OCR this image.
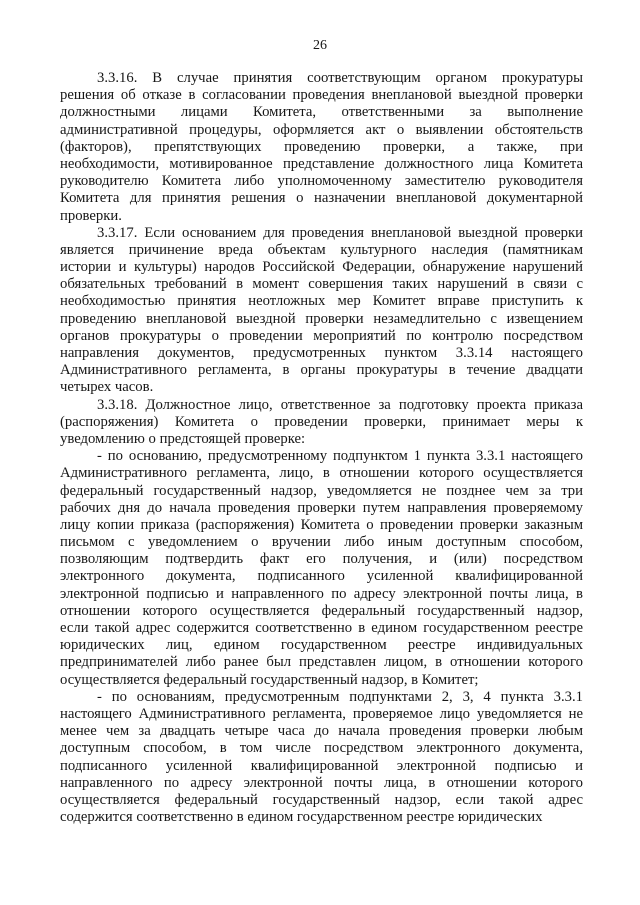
26
3.3.16. В случае принятия соответствующим органом прокуратуры
решения об отказе в согласовании проведения внеплановой выездной проверки
должностными лицами Комитета, ответственными за выполнение
административной процедуры, оформляется акт о выявлении обстоятельств
(факторов), препятствующих проведению проверки, а также, при
необходимости, мотивированное представление должностного лица Комитета
руководителю Комитета либо уполномоченному заместителю руководителя
Комитета для принятия решения о назначении внеплановой документарной
проверки.
3.3.17. Если основанием для проведения внеплановой выездной проверки
является причинение вреда объектам культурного наследия (памятникам
истории и культуры) народов Российской Федерации, обнаружение нарушений
обязательных требований в момент совершения таких нарушений в связи с
необходимостью принятия неотложных мер Комитет вправе приступить к
проведению внеплановой выездной проверки незамедлительно с извещением
органов прокуратуры о проведении мероприятий по контролю посредством
направления документов, предусмотренных пунктом 3.3.14 настоящего
Административного регламента, в органы прокуратуры в течение двадцати
четырех часов.
3.3.18. Должностное лицо, ответственное за подготовку проекта приказа
(распоряжения) Комитета о проведении проверки, принимает меры к
уведомлению о предстоящей проверке:
- по основанию, предусмотренному подпунктом 1 пункта 3.3.1 настоящего
Административного регламента, лицо, в отношении которого осуществляется
федеральный государственный надзор, уведомляется не позднее чем за три
рабочих дня до начала проведения проверки путем направления проверяемому
лицу копии приказа (распоряжения) Комитета о проведении проверки заказным
письмом с уведомлением о вручении либо иным доступным способом,
позволяющим подтвердить факт его получения, и (или) посредством
электронного документа, подписанного усиленной квалифицированной
электронной подписью и направленного по адресу электронной почты лица, в
отношении которого осуществляется федеральный государственный надзор,
если такой адрес содержится соответственно в едином государственном реестре
юридических лиц, едином государственном реестре индивидуальных
предпринимателей либо ранее был представлен лицом, в отношении которого
осуществляется федеральный государственный надзор, в Комитет;
- по основаниям, предусмотренным подпунктами 2, 3, 4 пункта 3.3.1
настоящего Административного регламента, проверяемое лицо уведомляется не
менее чем за двадцать четыре часа до начала проведения проверки любым
доступным способом, в том числе посредством электронного документа,
подписанного усиленной квалифицированной электронной подписью и
направленного по адресу электронной почты лица, в отношении которого
осуществляется федеральный государственный надзор, если такой адрес
содержится соответственно в едином государственном реестре юридических
